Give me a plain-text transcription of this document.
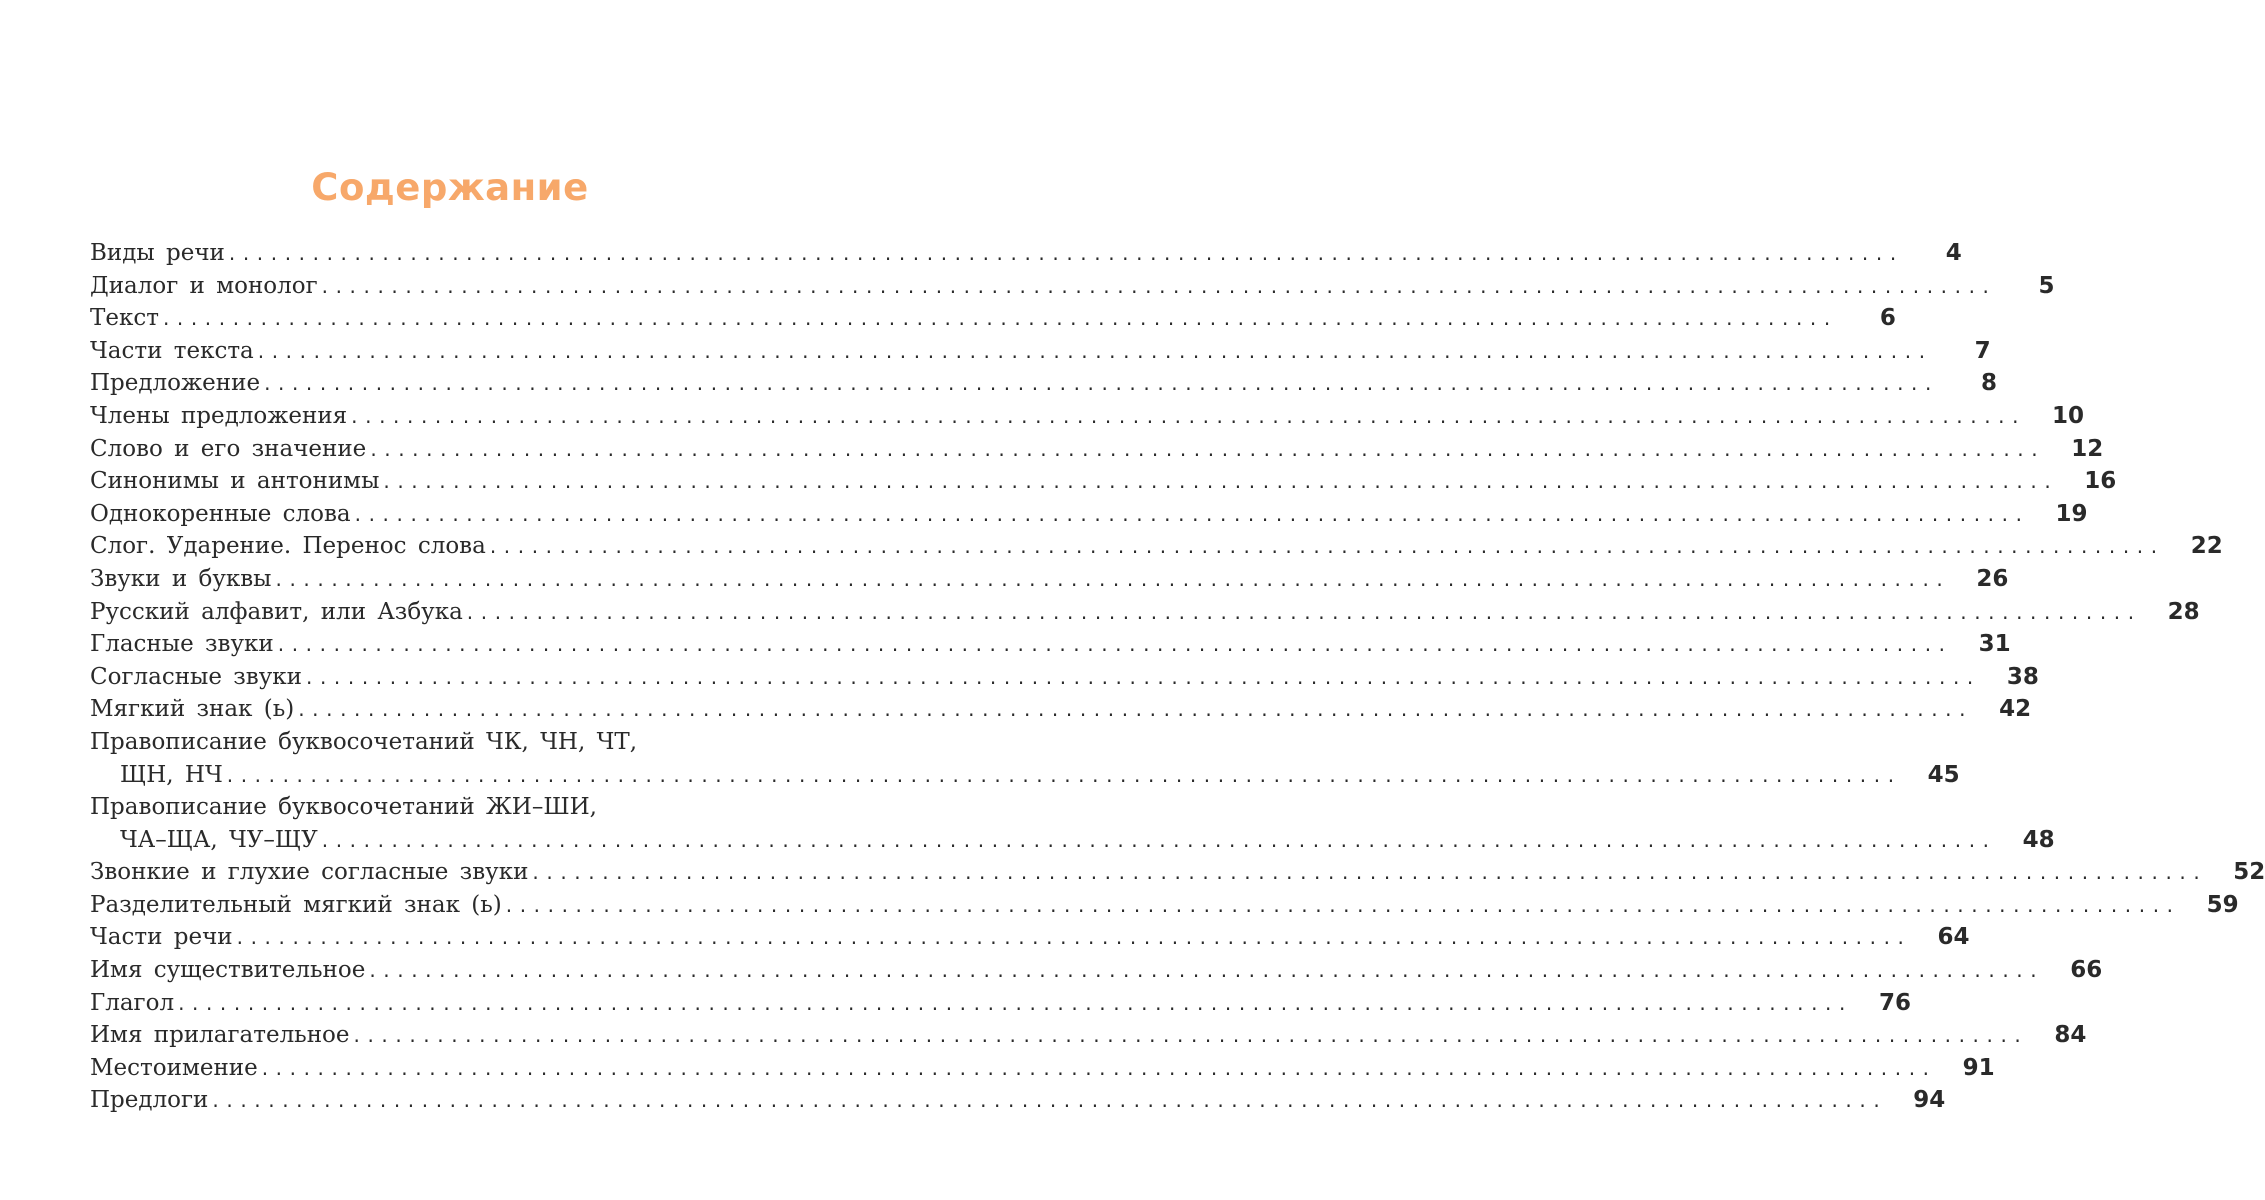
Содержание
Виды речи ........................................................................................................................	4
Диалог и монолог ........................................................................................................................	5
Текст ........................................................................................................................	6
Части текста ........................................................................................................................	7
Предложение ........................................................................................................................	8
Члены предложения ........................................................................................................................	10
Слово и его значение ........................................................................................................................	12
Синонимы и антонимы ........................................................................................................................	16
Однокоренные слова ........................................................................................................................	19
Слог. Ударение. Перенос слова ........................................................................................................................	22
Звуки и буквы ........................................................................................................................	26
Русский алфавит, или Азбука ........................................................................................................................	28
Гласные звуки ........................................................................................................................	31
Согласные звуки ........................................................................................................................	38
Мягкий знак (ь) ........................................................................................................................	42
Правописание буквосочетаний ЧК, ЧН, ЧТ,
ЩН, НЧ ........................................................................................................................	45
Правописание буквосочетаний ЖИ–ШИ,
ЧА–ЩА, ЧУ–ЩУ ........................................................................................................................	48
Звонкие и глухие согласные звуки ........................................................................................................................	52
Разделительный мягкий знак (ь) ........................................................................................................................	59
Части речи ........................................................................................................................	64
Имя существительное ........................................................................................................................	66
Глагол ........................................................................................................................	76
Имя прилагательное ........................................................................................................................	84
Местоимение ........................................................................................................................	91
Предлоги ........................................................................................................................	94
